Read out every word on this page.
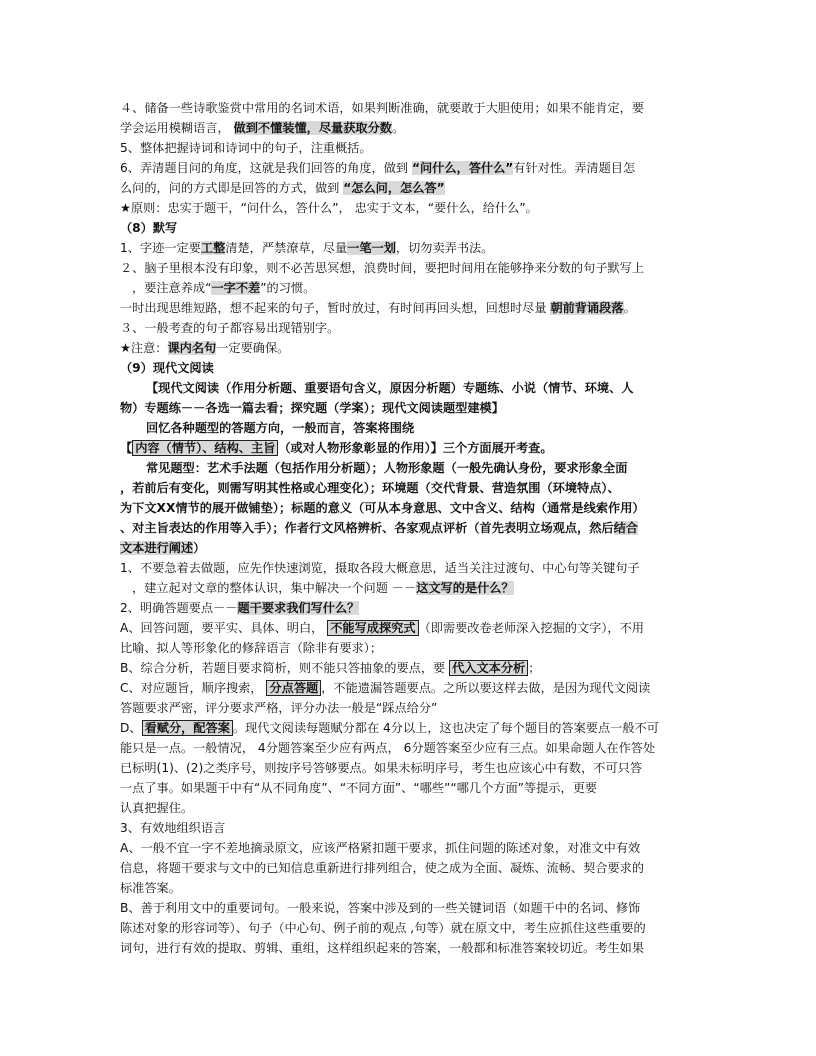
４、储备一些诗歌鉴赏中常用的名词术语，如果判断准确，就要敢于大胆使用；如果不能肯定，要
学会运用模糊语言， 做到不懂装懂，尽量获取分数。
5、整体把握诗词和诗词中的句子，注重概括。
6、弄清题目问的角度，这就是我们回答的角度，做到 “问什么，答什么”有针对性。弄清题目怎
么问的，问的方式即是回答的方式，做到 “怎么问，怎么答”
★原则：忠实于题干，“问什么，答什么”， 忠实于文本，“要什么，给什么”。
（8）默写
1、字迹一定要工整清楚，严禁潦草，尽量一笔一划，切勿卖弄书法。
２、脑子里根本没有印象，则不必苦思冥想，浪费时间，要把时间用在能够挣来分数的句子默写上
，要注意养成“一字不差”的习惯。
一时出现思维短路，想不起来的句子，暂时放过，有时间再回头想，回想时尽量 朝前背诵段落。
３、一般考查的句子都容易出现错别字。
★注意：课内名句一定要确保。
（9）现代文阅读
【现代文阅读（作用分析题、重要语句含义，原因分析题）专题练、小说（情节、环境、人
物）专题练－－各选一篇去看；探究题（学案）；现代文阅读题型建模】
回忆各种题型的答题方向，一般而言，答案将围绕
【 内容（情节）、结构、主旨 （或对人物形象彰显的作用）】三个方面展开考查。
常见题型：艺术手法题（包括作用分析题）；人物形象题（一般先确认身份，要求形象全面
，若前后有变化，则需写明其性格或心理变化）；环境题（交代背景、营造氛围（环境特点）、
为下文XX情节的展开做铺垫）；标题的意义（可从本身意思、文中含义、结构（通常是线索作用）
、对主旨表达的作用等入手）；作者行文风格辨析、各家观点评析（首先表明立场观点，然后结合
文本进行阐述）
1、不要急着去做题，应先作快速浏览，摄取各段大概意思，适当关注过渡句、中心句等关键句子
，建立起对文章的整体认识，集中解决一个问题 －－这文写的是什么？
2、明确答题要点－－题干要求我们写什么？
A、回答问题，要平实、具体、明白， 不能写成探究式 （即需要改卷老师深入挖掘的文字），不用
比喻、拟人等形象化的修辞语言（除非有要求）；
B、综合分析，若题目要求简析，则不能只答抽象的要点，要 代入文本分析 ；
C、对应题旨，顺序搜索， 分点答题 ，不能遗漏答题要点。之所以要这样去做，是因为现代文阅读
答题要求严密，评分要求严格，评分办法一般是“踩点给分”
D、 看赋分，配答案 。现代文阅读每题赋分都在 4分以上，这也决定了每个题目的答案要点一般不可
能只是一点。一般情况， 4分题答案至少应有两点， 6分题答案至少应有三点。如果命题人在作答处
已标明(1)、(2)之类序号，则按序号答够要点。如果未标明序号，考生也应该心中有数，不可只答
一点了事。如果题干中有“从不同角度”、“不同方面”、“哪些”“哪几个方面”等提示，更要
认真把握住。
3、有效地组织语言
A、一般不宜一字不差地摘录原文，应该严格紧扣题干要求，抓住问题的陈述对象，对准文中有效
信息，将题干要求与文中的已知信息重新进行排列组合，使之成为全面、凝炼、流畅、契合要求的
标准答案。
B、善于利用文中的重要词句。一般来说，答案中涉及到的一些关键词语（如题干中的名词、修饰
陈述对象的形容词等）、句子（中心句、例子前的观点 ,句等）就在原文中，考生应抓住这些重要的
词句，进行有效的提取、剪辑、重组，这样组织起来的答案，一般都和标准答案较切近。考生如果
